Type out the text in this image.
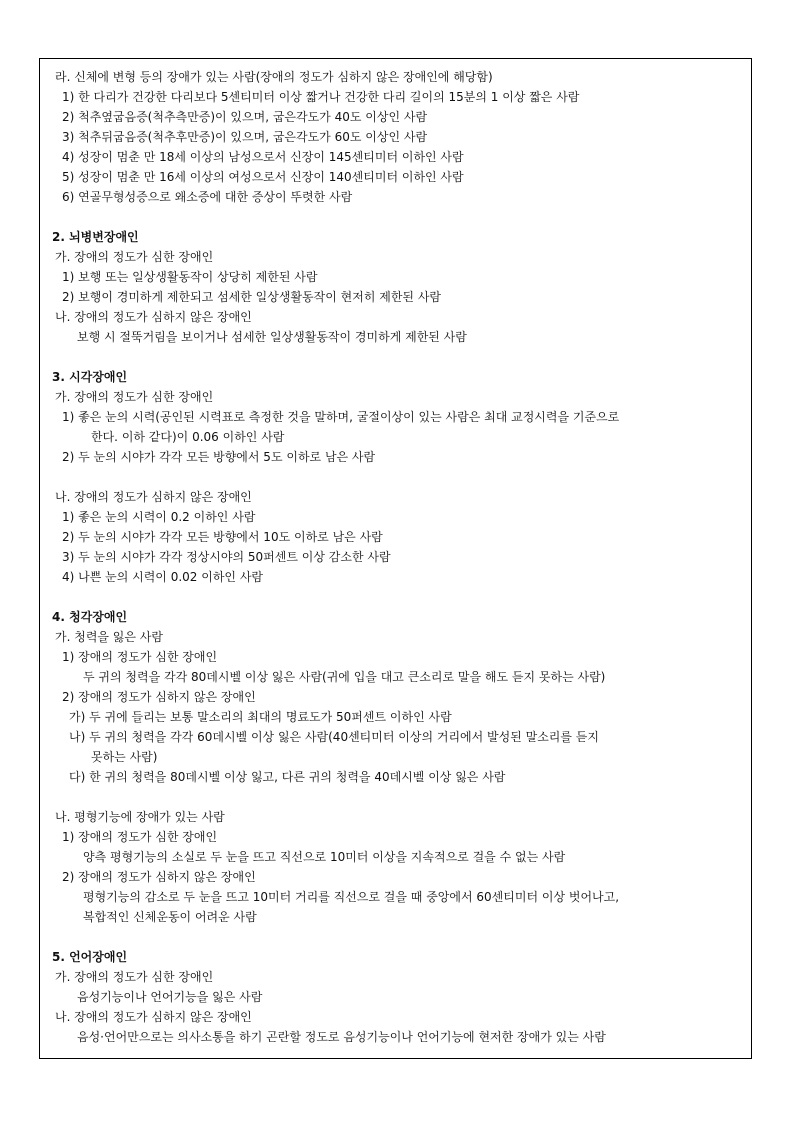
라. 신체에 변형 등의 장애가 있는 사람(장애의 정도가 심하지 않은 장애인에 해당함)
1) 한 다리가 건강한 다리보다 5센티미터 이상 짧거나 건강한 다리 길이의 15분의 1 이상 짧은 사람
2) 척추옆굽음증(척추측만증)이 있으며, 굽은각도가 40도 이상인 사람
3) 척추뒤굽음증(척추후만증)이 있으며, 굽은각도가 60도 이상인 사람
4) 성장이 멈춘 만 18세 이상의 남성으로서 신장이 145센티미터 이하인 사람
5) 성장이 멈춘 만 16세 이상의 여성으로서 신장이 140센티미터 이하인 사람
6) 연골무형성증으로 왜소증에 대한 증상이 뚜렷한 사람
2. 뇌병변장애인
가. 장애의 정도가 심한 장애인
1) 보행 또는 일상생활동작이 상당히 제한된 사람
2) 보행이 경미하게 제한되고 섬세한 일상생활동작이 현저히 제한된 사람
나. 장애의 정도가 심하지 않은 장애인
보행 시 절뚝거림을 보이거나 섬세한 일상생활동작이 경미하게 제한된 사람
3. 시각장애인
가. 장애의 정도가 심한 장애인
1) 좋은 눈의 시력(공인된 시력표로 측정한 것을 말하며, 굴절이상이 있는 사람은 최대 교정시력을 기준으로
한다. 이하 같다)이 0.06 이하인 사람
2) 두 눈의 시야가 각각 모든 방향에서 5도 이하로 남은 사람
나. 장애의 정도가 심하지 않은 장애인
1) 좋은 눈의 시력이 0.2 이하인 사람
2) 두 눈의 시야가 각각 모든 방향에서 10도 이하로 남은 사람
3) 두 눈의 시야가 각각 정상시야의 50퍼센트 이상 감소한 사람
4) 나쁜 눈의 시력이 0.02 이하인 사람
4. 청각장애인
가. 청력을 잃은 사람
1) 장애의 정도가 심한 장애인
두 귀의 청력을 각각 80데시벨 이상 잃은 사람(귀에 입을 대고 큰소리로 말을 해도 듣지 못하는 사람)
2) 장애의 정도가 심하지 않은 장애인
가) 두 귀에 들리는 보통 말소리의 최대의 명료도가 50퍼센트 이하인 사람
나) 두 귀의 청력을 각각 60데시벨 이상 잃은 사람(40센티미터 이상의 거리에서 발성된 말소리를 듣지
못하는 사람)
다) 한 귀의 청력을 80데시벨 이상 잃고, 다른 귀의 청력을 40데시벨 이상 잃은 사람
나. 평형기능에 장애가 있는 사람
1) 장애의 정도가 심한 장애인
양측 평형기능의 소실로 두 눈을 뜨고 직선으로 10미터 이상을 지속적으로 걸을 수 없는 사람
2) 장애의 정도가 심하지 않은 장애인
평형기능의 감소로 두 눈을 뜨고 10미터 거리를 직선으로 걸을 때 중앙에서 60센티미터 이상 벗어나고,
복합적인 신체운동이 어려운 사람
5. 언어장애인
가. 장애의 정도가 심한 장애인
음성기능이나 언어기능을 잃은 사람
나. 장애의 정도가 심하지 않은 장애인
음성·언어만으로는 의사소통을 하기 곤란할 정도로 음성기능이나 언어기능에 현저한 장애가 있는 사람
